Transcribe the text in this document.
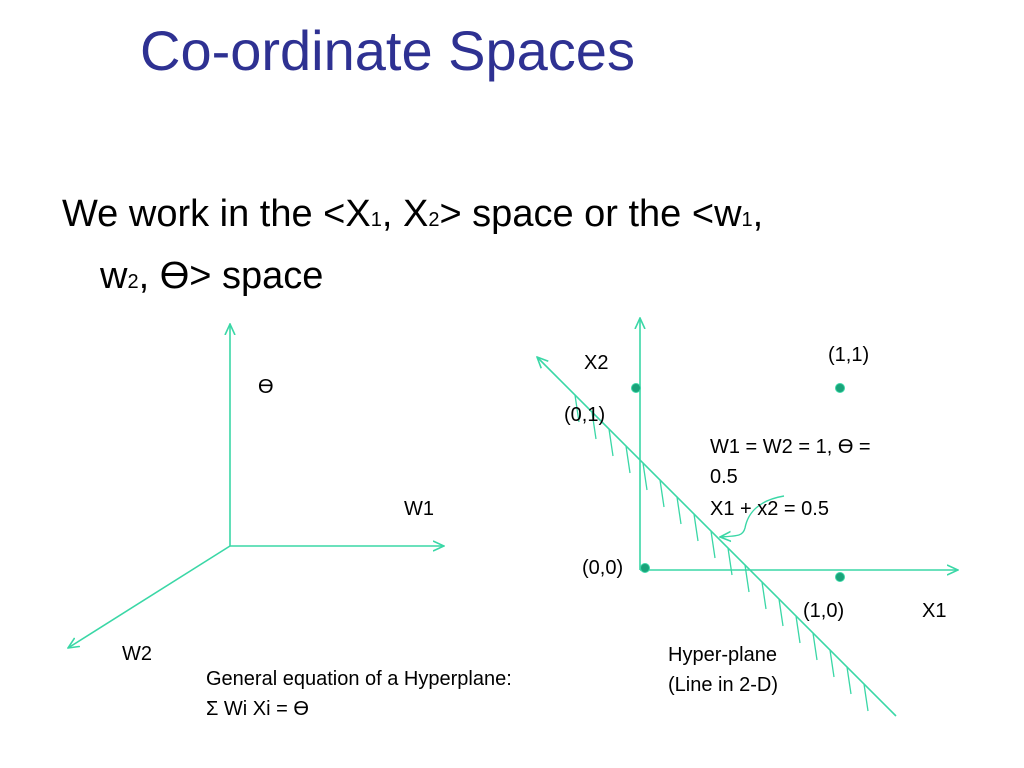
Co-ordinate Spaces
We work in the <X1, X2> space or the <w1,
w2, ϴ> space
ϴ
W1
W2
General equation of a Hyperplane:
Σ Wi Xi = ϴ
X2
X1
(0,1)
(1,1)
(0,0)
(1,0)
W1 = W2 = 1, ϴ =
0.5
X1 + x2 = 0.5
Hyper-plane
(Line in 2-D)
